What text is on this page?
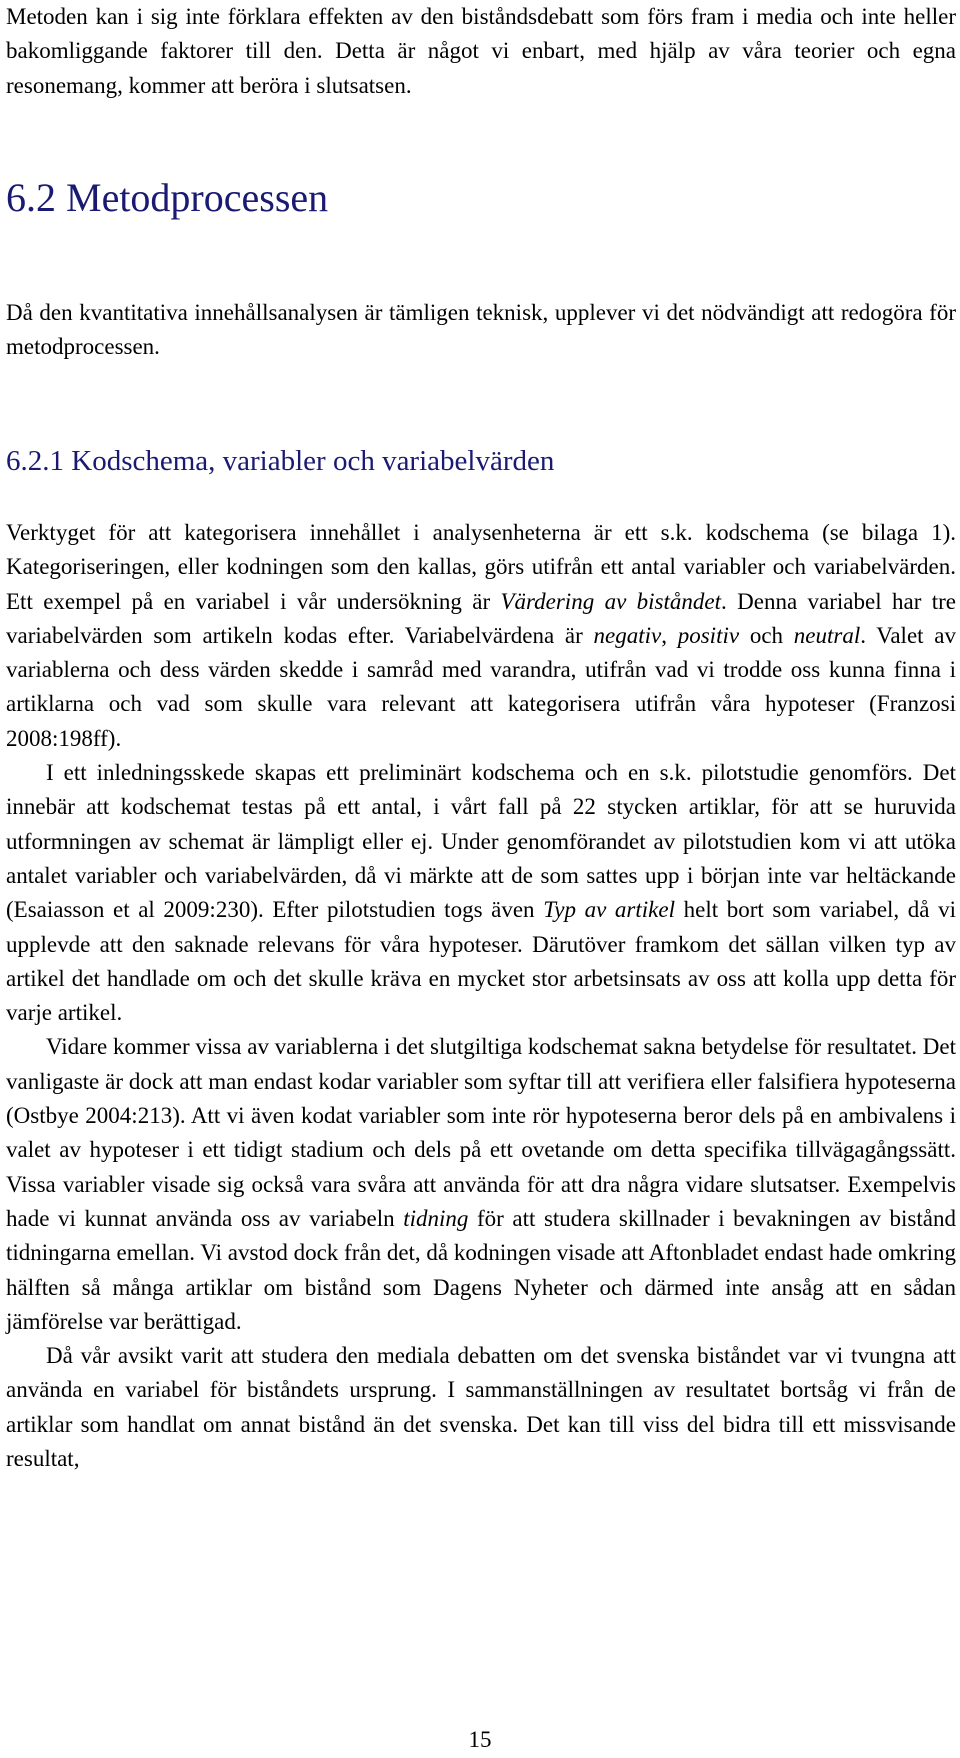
Metoden kan i sig inte förklara effekten av den biståndsdebatt som förs fram i media och inte heller bakomliggande faktorer till den. Detta är något vi enbart, med hjälp av våra teorier och egna resonemang, kommer att beröra i slutsatsen.

6.2 Metodprocessen

Då den kvantitativa innehållsanalysen är tämligen teknisk, upplever vi det nödvändigt att redogöra för metodprocessen.

6.2.1 Kodschema, variabler och variabelvärden

Verktyget för att kategorisera innehållet i analysenheterna är ett s.k. kodschema (se bilaga 1). Kategoriseringen, eller kodningen som den kallas, görs utifrån ett antal variabler och variabelvärden. Ett exempel på en variabel i vår undersökning är Värdering av biståndet. Denna variabel har tre variabelvärden som artikeln kodas efter. Variabelvärdena är negativ, positiv och neutral. Valet av variablerna och dess värden skedde i samråd med varandra, utifrån vad vi trodde oss kunna finna i artiklarna och vad som skulle vara relevant att kategorisera utifrån våra hypoteser (Franzosi 2008:198ff).

I ett inledningsskede skapas ett preliminärt kodschema och en s.k. pilotstudie genomförs. Det innebär att kodschemat testas på ett antal, i vårt fall på 22 stycken artiklar, för att se huruvida utformningen av schemat är lämpligt eller ej. Under genomförandet av pilotstudien kom vi att utöka antalet variabler och variabelvärden, då vi märkte att de som sattes upp i början inte var heltäckande (Esaiasson et al 2009:230). Efter pilotstudien togs även Typ av artikel helt bort som variabel, då vi upplevde att den saknade relevans för våra hypoteser. Därutöver framkom det sällan vilken typ av artikel det handlade om och det skulle kräva en mycket stor arbetsinsats av oss att kolla upp detta för varje artikel.

Vidare kommer vissa av variablerna i det slutgiltiga kodschemat sakna betydelse för resultatet. Det vanligaste är dock att man endast kodar variabler som syftar till att verifiera eller falsifiera hypoteserna (Ostbye 2004:213). Att vi även kodat variabler som inte rör hypoteserna beror dels på en ambivalens i valet av hypoteser i ett tidigt stadium och dels på ett ovetande om detta specifika tillvägagångssätt. Vissa variabler visade sig också vara svåra att använda för att dra några vidare slutsatser. Exempelvis hade vi kunnat använda oss av variabeln tidning för att studera skillnader i bevakningen av bistånd tidningarna emellan. Vi avstod dock från det, då kodningen visade att Aftonbladet endast hade omkring hälften så många artiklar om bistånd som Dagens Nyheter och därmed inte ansåg att en sådan jämförelse var berättigad.

Då vår avsikt varit att studera den mediala debatten om det svenska biståndet var vi tvungna att använda en variabel för biståndets ursprung. I sammanställningen av resultatet bortsåg vi från de artiklar som handlat om annat bistånd än det svenska. Det kan till viss del bidra till ett missvisande resultat,

15
